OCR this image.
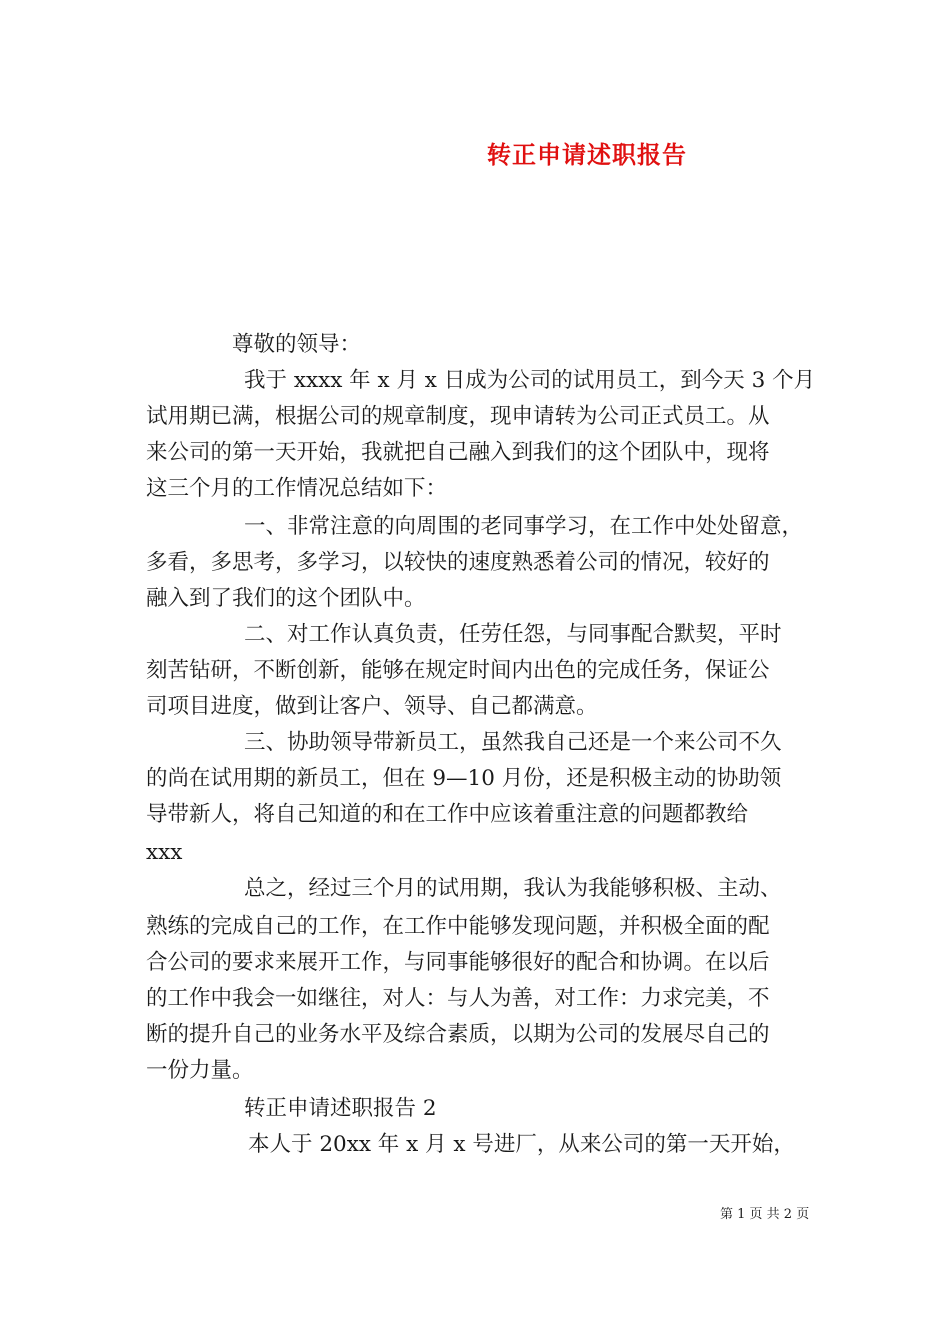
转正申请述职报告
尊敬的领导：
我于 xxxx 年 x 月 x 日成为公司的试用员工，到今天 3 个月
试用期已满，根据公司的规章制度，现申请转为公司正式员工。从
来公司的第一天开始，我就把自己融入到我们的这个团队中，现将
这三个月的工作情况总结如下：
一、非常注意的向周围的老同事学习，在工作中处处留意，
多看，多思考，多学习，以较快的速度熟悉着公司的情况，较好的
融入到了我们的这个团队中。
二、对工作认真负责，任劳任怨，与同事配合默契，平时
刻苦钻研，不断创新，能够在规定时间内出色的完成任务，保证公
司项目进度，做到让客户、领导、自己都满意。
三、协助领导带新员工，虽然我自己还是一个来公司不久
的尚在试用期的新员工，但在 9—10 月份，还是积极主动的协助领
导带新人，将自己知道的和在工作中应该着重注意的问题都教给
xxx
总之，经过三个月的试用期，我认为我能够积极、主动、
熟练的完成自己的工作，在工作中能够发现问题，并积极全面的配
合公司的要求来展开工作，与同事能够很好的配合和协调。在以后
的工作中我会一如继往，对人：与人为善，对工作：力求完美，不
断的提升自己的业务水平及综合素质，以期为公司的发展尽自己的
一份力量。
转正申请述职报告 2
本人于 20xx 年 x 月 x 号进厂，从来公司的第一天开始，
第 1 页 共 2 页
